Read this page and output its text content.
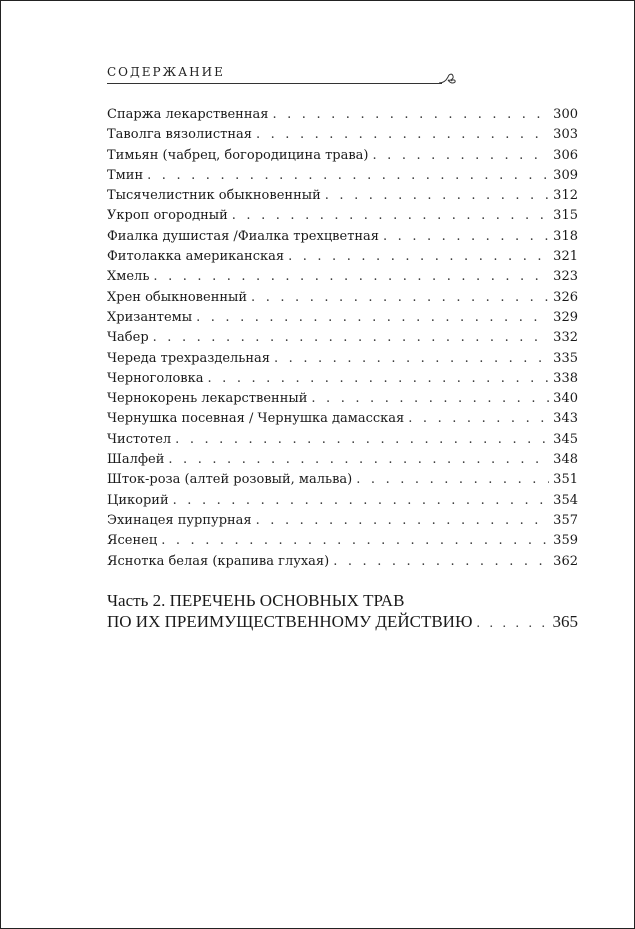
СОДЕРЖАНИЕ
Спаржа лекарственная . . .	300
Таволга вязолистная . . .	303
Тимьян (чабрец, богородицина трава) . . .	306
Тмин . . .	309
Тысячелистник обыкновенный . . .	312
Укроп огородный . . .	315
Фиалка душистая /Фиалка трехцветная . . .	318
Фитолакка американская . . .	321
Хмель . . .	323
Хрен обыкновенный . . .	326
Хризантемы . . .	329
Чабер . . .	332
Череда трехраздельная . . .	335
Черноголовка . . .	338
Чернокорень лекарственный . . .	340
Чернушка посевная / Чернушка дамасская . . .	343
Чистотел . . .	345
Шалфей . . .	348
Шток-роза (алтей розовый, мальва) . . .	351
Цикорий . . .	354
Эхинацея пурпурная . . .	357
Ясенец . . .	359
Яснотка белая (крапива глухая) . . .	362
Часть 2. ПЕРЕЧЕНЬ ОСНОВНЫХ ТРАВ
ПО ИХ ПРЕИМУЩЕСТВЕННОМУ ДЕЙСТВИЮ . . .	365
